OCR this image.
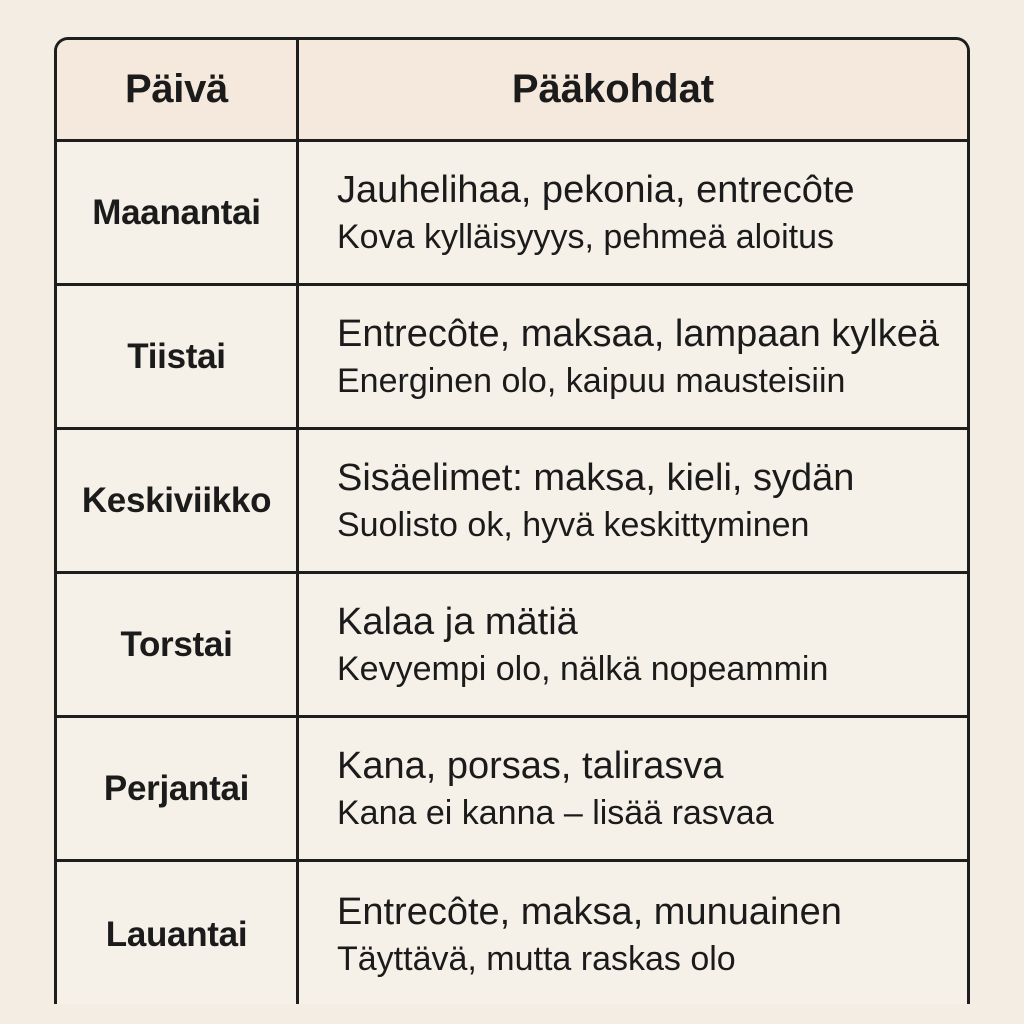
Päivä	Pääkohdat
Maanantai
Jauhelihaa, pekonia, entrecôte
Kova kylläisyyys, pehmeä aloitus
Tiistai
Entrecôte, maksaa, lampaan kylkeä
Energinen olo, kaipuu mausteisiin
Keskiviikko
Sisäelimet: maksa, kieli, sydän
Suolisto ok, hyvä keskittyminen
Torstai
Kalaa ja mätiä
Kevyempi olo, nälkä nopeammin
Perjantai
Kana, porsas, talirasva
Kana ei kanna – lisää rasvaa
Lauantai
Entrecôte, maksa, munuainen
Täyttävä, mutta raskas olo
